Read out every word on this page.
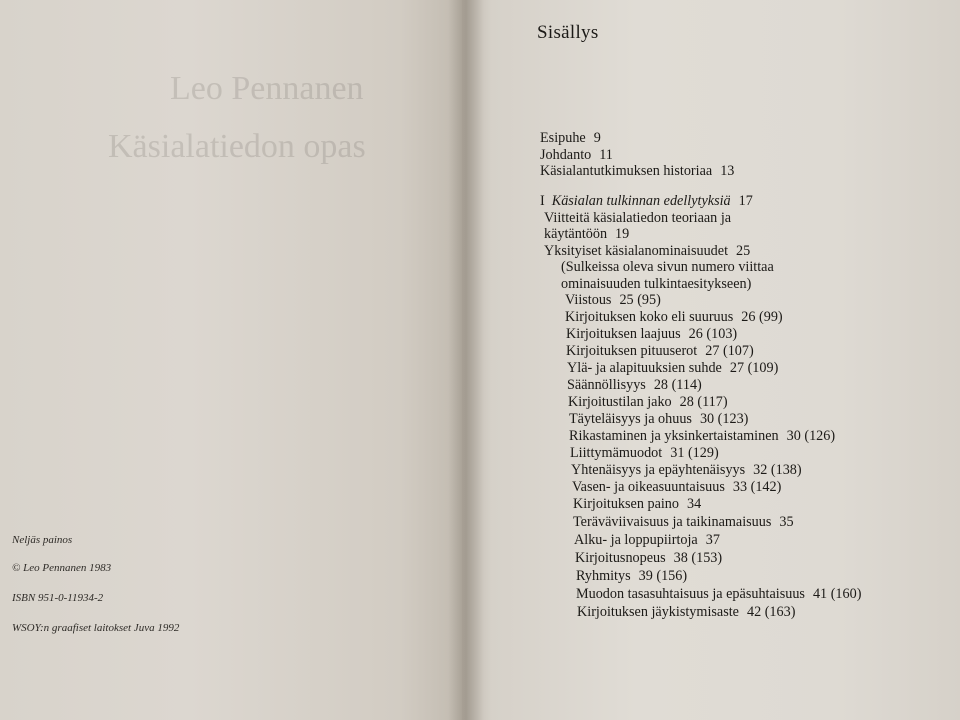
Leo Pennanen
Käsialatiedon opas
Neljäs painos
© Leo Pennanen 1983
ISBN 951-0-11934-2
WSOY:n graafiset laitokset Juva 1992
Sisällys
Esipuhe 9
Johdanto 11
Käsialantutkimuksen historiaa 13
I Käsialan tulkinnan edellytyksiä 17
Viitteitä käsialatiedon teoriaan ja
käytäntöön 19
Yksityiset käsialanominaisuudet 25
(Sulkeissa oleva sivun numero viittaa
ominaisuuden tulkintaesitykseen)
Viistous 25 (95)
Kirjoituksen koko eli suuruus 26 (99)
Kirjoituksen laajuus 26 (103)
Kirjoituksen pituuserot 27 (107)
Ylä- ja alapituuksien suhde 27 (109)
Säännöllisyys 28 (114)
Kirjoitustilan jako 28 (117)
Täyteläisyys ja ohuus 30 (123)
Rikastaminen ja yksinkertaistaminen 30 (126)
Liittymämuodot 31 (129)
Yhtenäisyys ja epäyhtenäisyys 32 (138)
Vasen- ja oikeasuuntaisuus 33 (142)
Kirjoituksen paino 34
Teräväviivaisuus ja taikinamaisuus 35
Alku- ja loppupiirtoja 37
Kirjoitusnopeus 38 (153)
Ryhmitys 39 (156)
Muodon tasasuhtaisuus ja epäsuhtaisuus 41 (160)
Kirjoituksen jäykistymisaste 42 (163)
